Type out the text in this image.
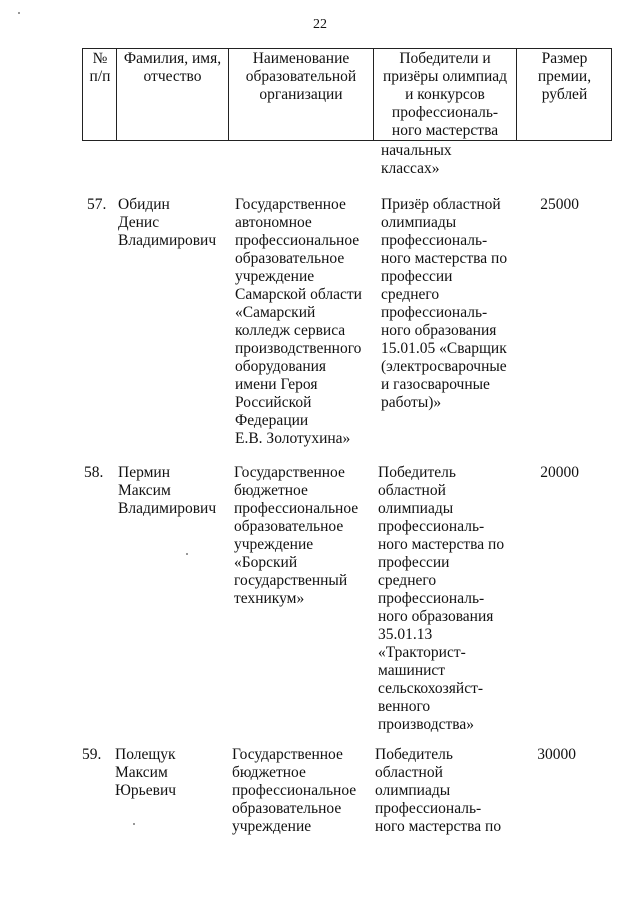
22
№
п/п
Фамилия, имя,
отчество
Наименование
образовательной
организации
Победители и
призёры олимпиад
и конкурсов
профессиональ-
ного мастерства
Размер
премии,
рублей
начальных
классах»
57. Обидин
Денис
Владимирович
Государственное
автономное
профессиональное
образовательное
учреждение
Самарской области
«Самарский
колледж сервиса
производственного
оборудования
имени Героя
Российской
Федерации
Е.В. Золотухина»
Призёр областной
олимпиады
профессиональ-
ного мастерства по
профессии
среднего
профессиональ-
ного образования
15.01.05 «Сварщик
(электросварочные
и газосварочные
работы)»
25000
58. Пермин
Максим
Владимирович
Государственное
бюджетное
профессиональное
образовательное
учреждение
«Борский
государственный
техникум»
Победитель
областной
олимпиады
профессиональ-
ного мастерства по
профессии
среднего
профессиональ-
ного образования
35.01.13
«Тракторист-
машинист
сельскохозяйст-
венного
производства»
20000
59. Полещук
Максим
Юрьевич
Государственное
бюджетное
профессиональное
образовательное
учреждение
Победитель
областной
олимпиады
профессиональ-
ного мастерства по
30000
